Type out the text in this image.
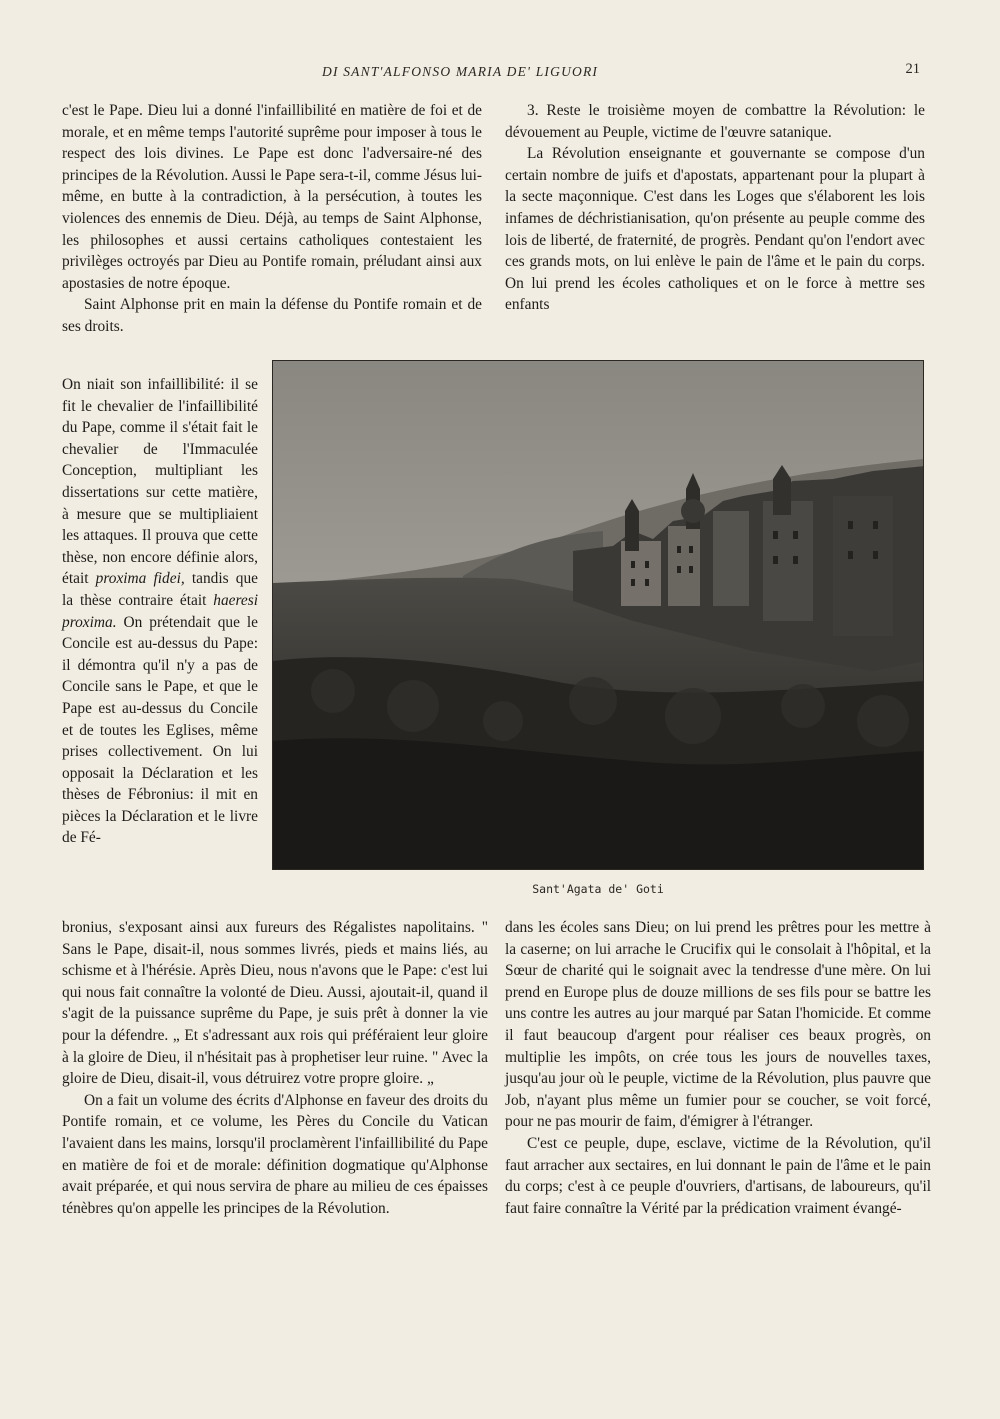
DI SANT'ALFONSO MARIA DE' LIGUORI	21

c'est le Pape. Dieu lui a donné l'infaillibilité en matière de foi et de morale, et en même temps l'autorité suprême pour imposer à tous le respect des lois divines. Le Pape est donc l'adversaire-né des principes de la Révolution. Aussi le Pape sera-t-il, comme Jésus lui-même, en butte à la contradiction, à la persécution, à toutes les violences des ennemis de Dieu. Déjà, au temps de Saint Alphonse, les philosophes et aussi certains catholiques contestaient les privilèges octroyés par Dieu au Pontife romain, préludant ainsi aux apostasies de notre époque.

Saint Alphonse prit en main la défense du Pontife romain et de ses droits.

On niait son infaillibilité: il se fit le chevalier de l'infaillibilité du Pape, comme il s'était fait le chevalier de l'Immaculée Conception, multipliant les dissertations sur cette matière, à mesure que se multipliaient les attaques. Il prouva que cette thèse, non encore définie alors, était proxima fidei, tandis que la thèse contraire était haeresi proxima. On prétendait que le Concile est au-dessus du Pape: il démontra qu'il n'y a pas de Concile sans le Pape, et que le Pape est au-dessus du Concile et de toutes les Eglises, même prises collectivement. On lui opposait la Déclaration et les thèses de Fébronius: il mit en pièces la Déclaration et le livre de Fé-

bronius, s'exposant ainsi aux fureurs des Régalistes napolitains. " Sans le Pape, disait-il, nous sommes livrés, pieds et mains liés, au schisme et à l'hérésie. Après Dieu, nous n'avons que le Pape: c'est lui qui nous fait connaître la volonté de Dieu. Aussi, ajoutait-il, quand il s'agit de la puissance suprême du Pape, je suis prêt à donner la vie pour la défendre. „ Et s'adressant aux rois qui préféraient leur gloire à la gloire de Dieu, il n'hésitait pas à prophetiser leur ruine. " Avec la gloire de Dieu, disait-il, vous détruirez votre propre gloire. „

On a fait un volume des écrits d'Alphonse en faveur des droits du Pontife romain, et ce volume, les Pères du Concile du Vatican l'avaient dans les mains, lorsqu'il proclamèrent l'infaillibilité du Pape en matière de foi et de morale: définition dogmatique qu'Alphonse avait préparée, et qui nous servira de phare au milieu de ces épaisses ténèbres qu'on appelle les principes de la Révolution.

3. Reste le troisième moyen de combattre la Révolution: le dévouement au Peuple, victime de l'œuvre satanique.

La Révolution enseignante et gouvernante se compose d'un certain nombre de juifs et d'apostats, appartenant pour la plupart à la secte maçonnique. C'est dans les Loges que s'élaborent les lois infames de déchristianisation, qu'on présente au peuple comme des lois de liberté, de fraternité, de progrès. Pendant qu'on l'endort avec ces grands mots, on lui enlève le pain de l'âme et le pain du corps. On lui prend les écoles catholiques et on le force à mettre ses enfants

dans les écoles sans Dieu; on lui prend les prêtres pour les mettre à la caserne; on lui arrache le Crucifix qui le consolait à l'hôpital, et la Sœur de charité qui le soignait avec la tendresse d'une mère. On lui prend en Europe plus de douze millions de ses fils pour se battre les uns contre les autres au jour marqué par Satan l'homicide. Et comme il faut beaucoup d'argent pour réaliser ces beaux progrès, on multiplie les impôts, on crée tous les jours de nouvelles taxes, jusqu'au jour où le peuple, victime de la Révolution, plus pauvre que Job, n'ayant plus même un fumier pour se coucher, se voit forcé, pour ne pas mourir de faim, d'émigrer à l'étranger.

C'est ce peuple, dupe, esclave, victime de la Révolution, qu'il faut arracher aux sectaires, en lui donnant le pain de l'âme et le pain du corps; c'est à ce peuple d'ouvriers, d'artisans, de laboureurs, qu'il faut faire connaître la Vérité par la prédication vraiment évangé-

Sant'Agata de' Goti
